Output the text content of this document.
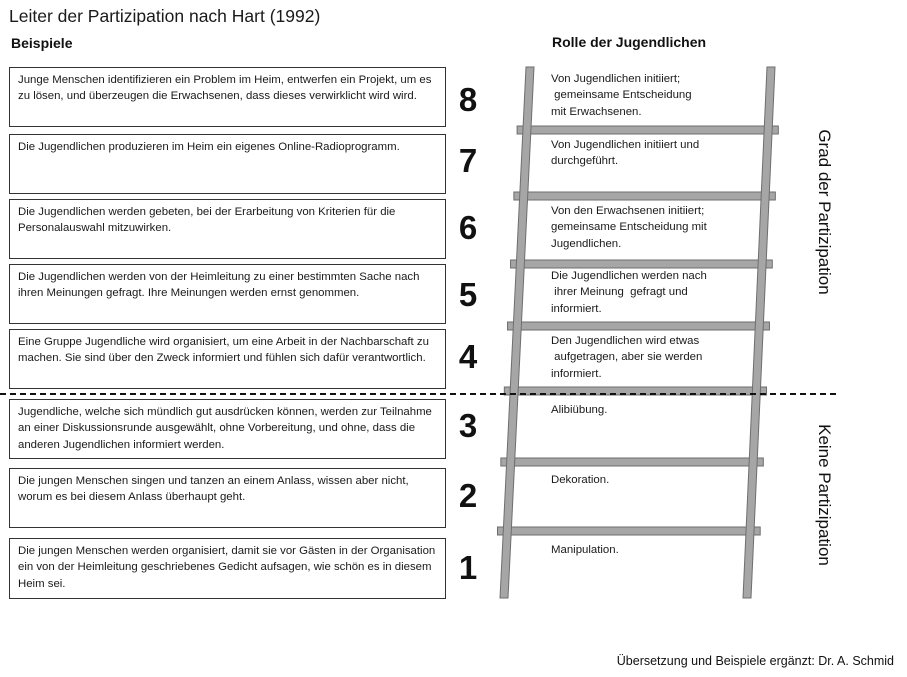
Leiter der Partizipation nach Hart (1992)
Beispiele	Rolle der Jugendlichen
Junge Menschen identifizieren ein Problem im Heim, entwerfen ein Projekt, um es zu lösen, und überzeugen die Erwachsenen, dass dieses verwirklicht wird wird.
Die Jugendlichen produzieren im Heim ein eigenes Online-Radioprogramm.
Die Jugendlichen werden gebeten, bei der Erarbeitung von Kriterien für die Personalauswahl mitzuwirken.
Die Jugendlichen werden von der Heimleitung zu einer bestimmten Sache nach ihren Meinungen gefragt. Ihre Meinungen werden ernst genommen.
Eine Gruppe Jugendliche wird organisiert, um eine Arbeit in der Nachbarschaft zu machen. Sie sind über den Zweck informiert und fühlen sich dafür verantwortlich.
Jugendliche, welche sich mündlich gut ausdrücken können, werden zur Teilnahme an einer Diskussionsrunde ausgewählt, ohne Vorbereitung, und ohne, dass die anderen Jugendlichen informiert werden.
Die jungen Menschen singen und tanzen an einem Anlass, wissen aber nicht, worum es bei diesem Anlass überhaupt geht.
Die jungen Menschen werden organisiert, damit sie vor Gästen in der Organisation ein von der Heimleitung geschriebenes Gedicht aufsagen, wie schön es in diesem Heim sei.
8
7
6
5
4
3
2
1
Von Jugendlichen initiiert;
gemeinsame Entscheidung
mit Erwachsenen.
Von Jugendlichen initiiert und
durchgeführt.
Von den Erwachsenen initiiert;
gemeinsame Entscheidung mit
Jugendlichen.
Die Jugendlichen werden nach
ihrer Meinung  gefragt und
informiert.
Den Jugendlichen wird etwas
aufgetragen, aber sie werden
informiert.
Alibiübung.
Dekoration.
Manipulation.
Grad der Partizipation
Keine Partizipation
Übersetzung und Beispiele ergänzt: Dr. A. Schmid
